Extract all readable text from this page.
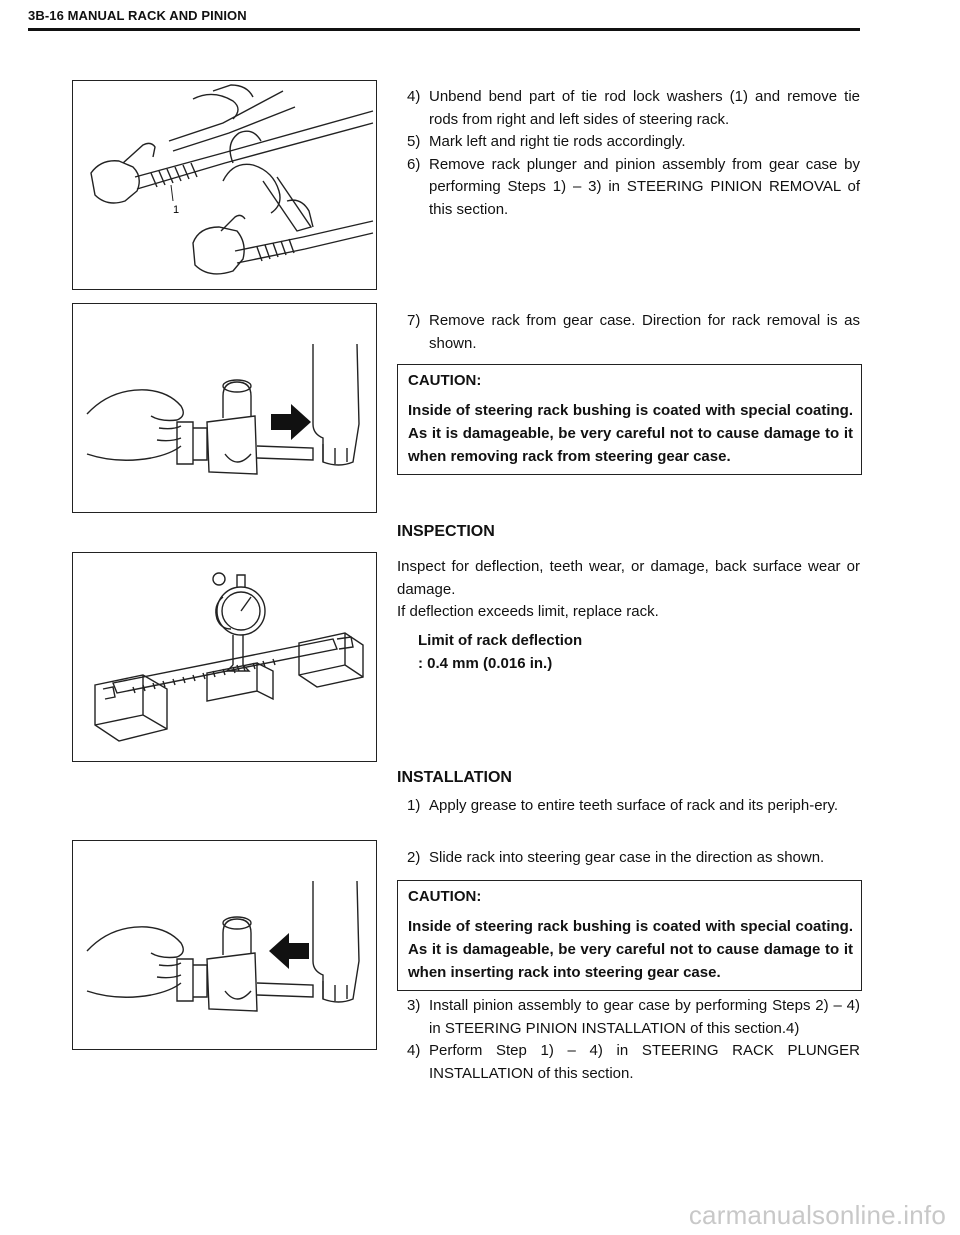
3B-16 MANUAL RACK AND PINION
1
4) Unbend bend part of tie rod lock washers (1) and remove tie rods from right and left sides of steering rack.
5) Mark left and right tie rods accordingly.
6) Remove rack plunger and pinion assembly from gear case by performing Steps 1) – 3) in STEERING PINION REMOVAL of this section.
7) Remove rack from gear case. Direction for rack removal is as shown.
CAUTION:
Inside of steering rack bushing is coated with special coating. As it is damageable, be very careful not to cause damage to it when removing rack from steering gear case.
INSPECTION

Inspect for deflection, teeth wear, or damage, back surface wear or damage.

If deflection exceeds limit, replace rack.

Limit of rack deflection
: 0.4 mm (0.016 in.)
INSTALLATION
1) Apply grease to entire teeth surface of rack and its periph-ery.
2) Slide rack into steering gear case in the direction as shown.
CAUTION:
Inside of steering rack bushing is coated with special coating. As it is damageable, be very careful not to cause damage to it when inserting rack into steering gear case.
3) Install pinion assembly to gear case by performing Steps 2) – 4) in STEERING PINION INSTALLATION of this section.4)
4) Perform Step 1) – 4) in STEERING RACK PLUNGER INSTALLATION of this section.
carmanualsonline.info
